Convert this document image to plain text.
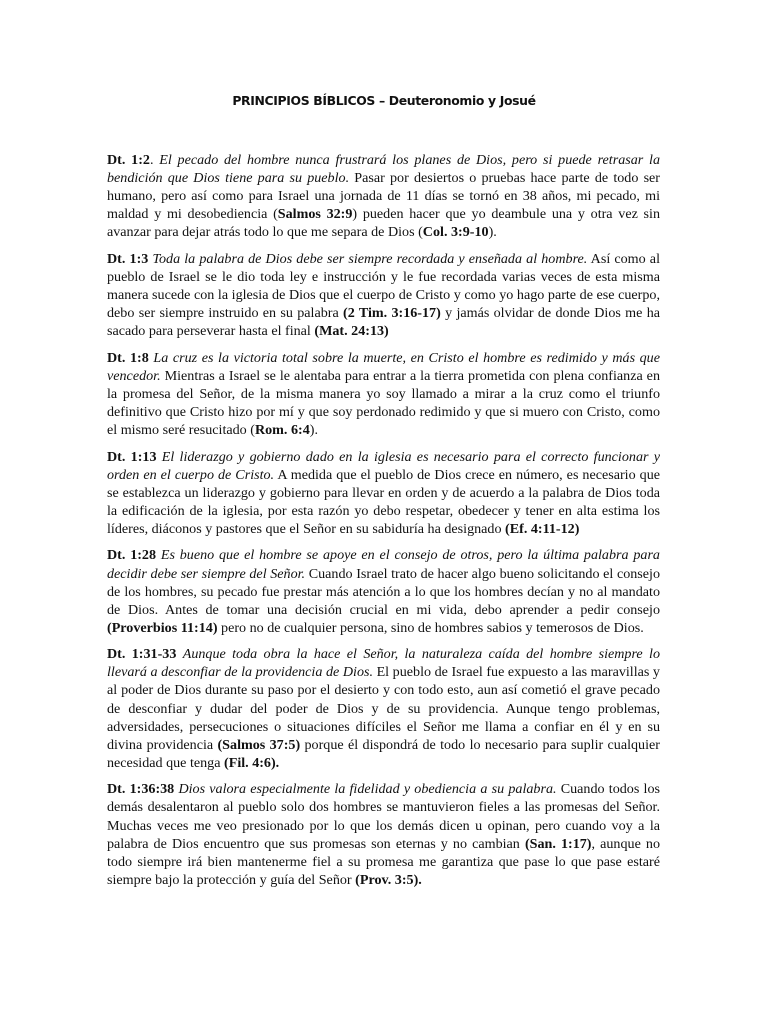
PRINCIPIOS BÍBLICOS – Deuteronomio y Josué

Dt. 1:2. El pecado del hombre nunca frustrará los planes de Dios, pero si puede retrasar la bendición que Dios tiene para su pueblo. Pasar por desiertos o pruebas hace parte de todo ser humano, pero así como para Israel una jornada de 11 días se tornó en 38 años, mi pecado, mi maldad y mi desobediencia (Salmos 32:9) pueden hacer que yo deambule una y otra vez sin avanzar para dejar atrás todo lo que me separa de Dios (Col. 3:9-10).

Dt. 1:3 Toda la palabra de Dios debe ser siempre recordada y enseñada al hombre. Así como al pueblo de Israel se le dio toda ley e instrucción y le fue recordada varias veces de esta misma manera sucede con la iglesia de Dios que el cuerpo de Cristo y como yo hago parte de ese cuerpo, debo ser siempre instruido en su palabra (2 Tim. 3:16-17) y jamás olvidar de donde Dios me ha sacado para perseverar hasta el final (Mat. 24:13)

Dt. 1:8 La cruz es la victoria total sobre la muerte, en Cristo el hombre es redimido y más que vencedor. Mientras a Israel se le alentaba para entrar a la tierra prometida con plena confianza en la promesa del Señor, de la misma manera yo soy llamado a mirar a la cruz como el triunfo definitivo que Cristo hizo por mí y que soy perdonado redimido y que si muero con Cristo, como el mismo seré resucitado (Rom. 6:4).

Dt. 1:13 El liderazgo y gobierno dado en la iglesia es necesario para el correcto funcionar y orden en el cuerpo de Cristo. A medida que el pueblo de Dios crece en número, es necesario que se establezca un liderazgo y gobierno para llevar en orden y de acuerdo a la palabra de Dios toda la edificación de la iglesia, por esta razón yo debo respetar, obedecer y tener en alta estima los líderes, diáconos y pastores que el Señor en su sabiduría ha designado (Ef. 4:11-12)

Dt. 1:28 Es bueno que el hombre se apoye en el consejo de otros, pero la última palabra para decidir debe ser siempre del Señor. Cuando Israel trato de hacer algo bueno solicitando el consejo de los hombres, su pecado fue prestar más atención a lo que los hombres decían y no al mandato de Dios. Antes de tomar una decisión crucial en mi vida, debo aprender a pedir consejo (Proverbios 11:14) pero no de cualquier persona, sino de hombres sabios y temerosos de Dios.

Dt. 1:31-33 Aunque toda obra la hace el Señor, la naturaleza caída del hombre siempre lo llevará a desconfiar de la providencia de Dios. El pueblo de Israel fue expuesto a las maravillas y al poder de Dios durante su paso por el desierto y con todo esto, aun así cometió el grave pecado de desconfiar y dudar del poder de Dios y de su providencia. Aunque tengo problemas, adversidades, persecuciones o situaciones difíciles el Señor me llama a confiar en él y en su divina providencia (Salmos 37:5) porque él dispondrá de todo lo necesario para suplir cualquier necesidad que tenga (Fil. 4:6).

Dt. 1:36:38 Dios valora especialmente la fidelidad y obediencia a su palabra. Cuando todos los demás desalentaron al pueblo solo dos hombres se mantuvieron fieles a las promesas del Señor. Muchas veces me veo presionado por lo que los demás dicen u opinan, pero cuando voy a la palabra de Dios encuentro que sus promesas son eternas y no cambian (San. 1:17), aunque no todo siempre irá bien mantenerme fiel a su promesa me garantiza que pase lo que pase estaré siempre bajo la protección y guía del Señor (Prov. 3:5).
